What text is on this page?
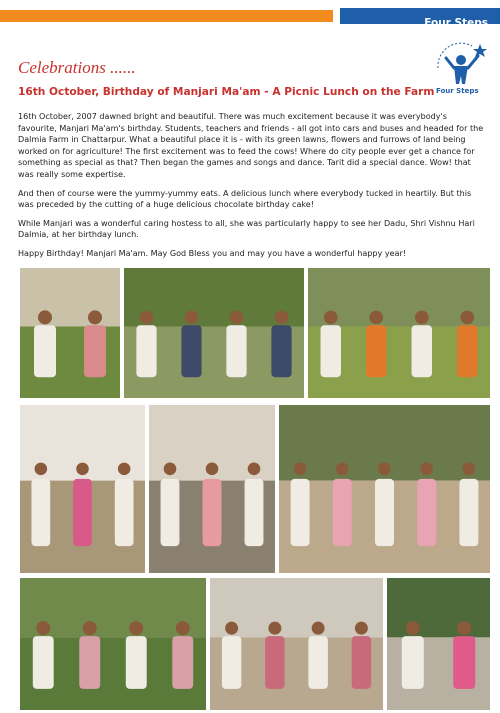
Four Steps
Celebrations ......
Four Steps
16th October, Birthday of Manjari Ma'am - A Picnic Lunch on the Farm

16th October, 2007 dawned bright and beautiful. There was much excitement because it was everybody's favourite, Manjari Ma'am's birthday. Students, teachers and friends - all got into cars and buses and headed for the Dalmia Farm in Chattarpur. What a beautiful place it is - with its green lawns, flowers and furrows of land being worked on for agriculture! The first excitement was to feed the cows! Where do city people ever get a chance for something as special as that? Then began the games and songs and dance. Tarit did a special dance. Wow! that was really some expertise.

And then of course were the yummy-yummy eats. A delicious lunch where everybody tucked in heartily. But this was preceded by the cutting of a huge delicious chocolate birthday cake!

While Manjari was a wonderful caring hostess to all, she was particularly happy to see her Dadu, Shri Vishnu Hari Dalmia, at her birthday lunch.

Happy Birthday! Manjari Ma'am. May God Bless you and may you have a wonderful happy year!
